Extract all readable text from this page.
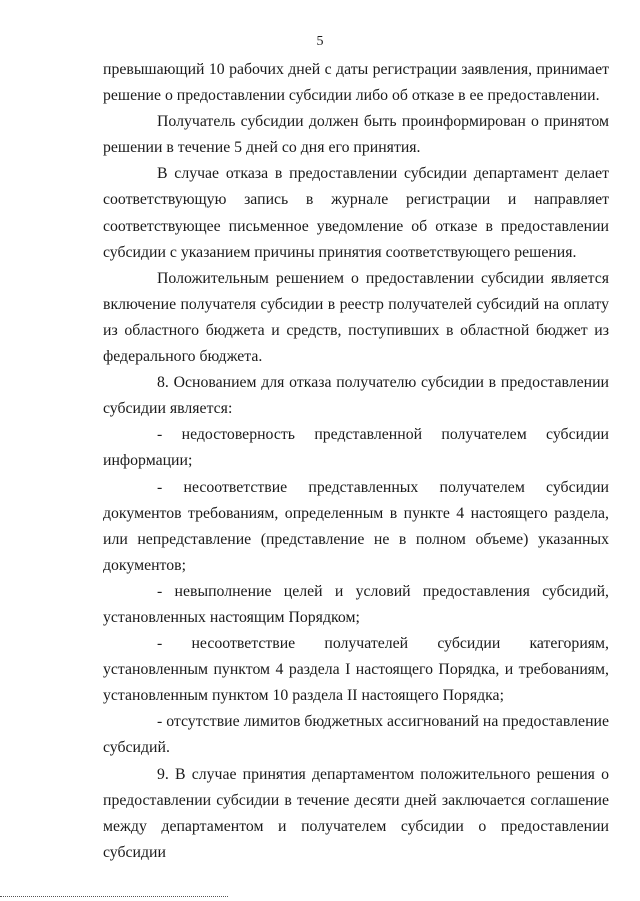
5

превышающий 10 рабочих дней с даты регистрации заявления, принимает решение о предоставлении субсидии либо об отказе в ее предоставлении.

Получатель субсидии должен быть проинформирован о принятом решении в течение 5 дней со дня его принятия.

В случае отказа в предоставлении субсидии департамент делает соответствующую запись в журнале регистрации и направляет соответствующее письменное уведомление об отказе в предоставлении субсидии с указанием причины принятия соответствующего решения.

Положительным решением о предоставлении субсидии является включение получателя субсидии в реестр получателей субсидий на оплату из областного бюджета и средств, поступивших в областной бюджет из федерального бюджета.

8. Основанием для отказа получателю субсидии в предоставлении субсидии является:

- недостоверность представленной получателем субсидии информации;

- несоответствие представленных получателем субсидии документов требованиям, определенным в пункте 4 настоящего раздела, или непредставление (представление не в полном объеме) указанных документов;

- невыполнение целей и условий предоставления субсидий, установленных настоящим Порядком;

- несоответствие получателей субсидии категориям, установленным пунктом 4 раздела I настоящего Порядка, и требованиям, установленным пунктом 10 раздела II настоящего Порядка;

- отсутствие лимитов бюджетных ассигнований на предоставление субсидий.

9. В случае принятия департаментом положительного решения о предоставлении субсидии в течение десяти дней заключается соглашение между департаментом и получателем субсидии о предоставлении субсидии
